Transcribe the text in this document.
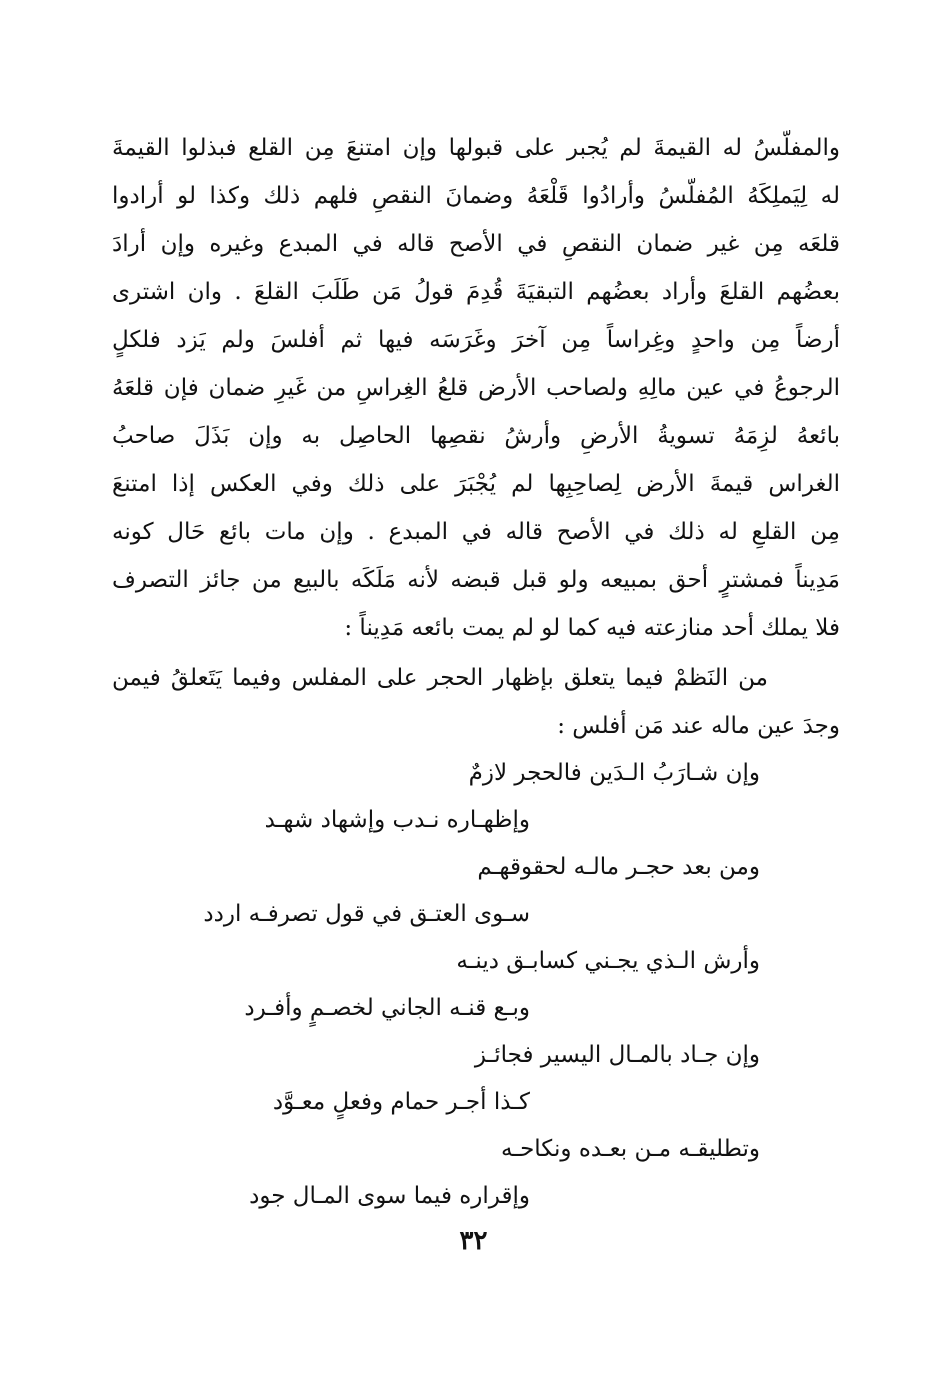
والمفلّسُ له القيمةَ لم يُجبر على قبولها وإن امتنعَ مِن القلع فبذلوا القيمةَ
له لِيَملِكَهُ المُفلّسُ وأرادُوا قَلْعَهُ وضمانَ النقصِ فلهم ذلك وكذا لو أرادوا
قلعَه مِن غير ضمان النقصِ في الأصح قاله في المبدع وغيره وإن أرادَ
بعضُهم القلعَ وأراد بعضُهم التبقيَةَ قُدِمَ قولُ مَن طَلَبَ القلعَ . وان اشترى
أرضاً مِن واحدٍ وغِراساً مِن آخرَ وغَرَسَه فيها ثم أفلسَ ولم يَزد فلكلٍ
الرجوعُ في عين مالِهِ ولصاحب الأرض قلعُ الغِراسِ من غَيرِ ضمان فإن قلعَهُ
بائعهُ لزِمَهُ تسويةُ الأرضِ وأرشُ نقصِها الحاصِل به وإن بَذَلَ صاحبُ
الغراس قيمةَ الأرض لِصاحِبِها لم يُجْبَرَ على ذلك وفي العكس إذا امتنعَ
مِن القلعِ له ذلك في الأصح قاله في المبدع . وإن مات بائع حَال كونه
مَدِيناً فمشترٍ أحق بمبيعه ولو قبل قبضه لأنه مَلَكَه بالبيع من جائز التصرف
فلا يملك أحد منازعته فيه كما لو لم يمت بائعه مَدِيناً :
من النَظمْ فيما يتعلق بإظهار الحجر على المفلس وفيما يَتَعلقُ فيمن
وجدَ عين ماله عند مَن أفلس :
وإن شـارَبُ الـدَين فالحجر لازمٌ
وإظهـاره نـدب وإشهاد شهـد
ومن بعد حجـر مالـه لحقوقهـم
سـوى العتـق في قول تصرفـه اردد
وأرش الـذي يجـني كسابـق دينـه
وبـع قنـه الجاني لخصـمٍ وأفـرد
وإن جـاد بالمـال اليسير فجائـز
كـذا أجـر حمام وفعلٍ معـوَّد
وتطليقـه مـن بعـده ونكاحـه
وإقراره فيما سوى المـال جود
٣٢
